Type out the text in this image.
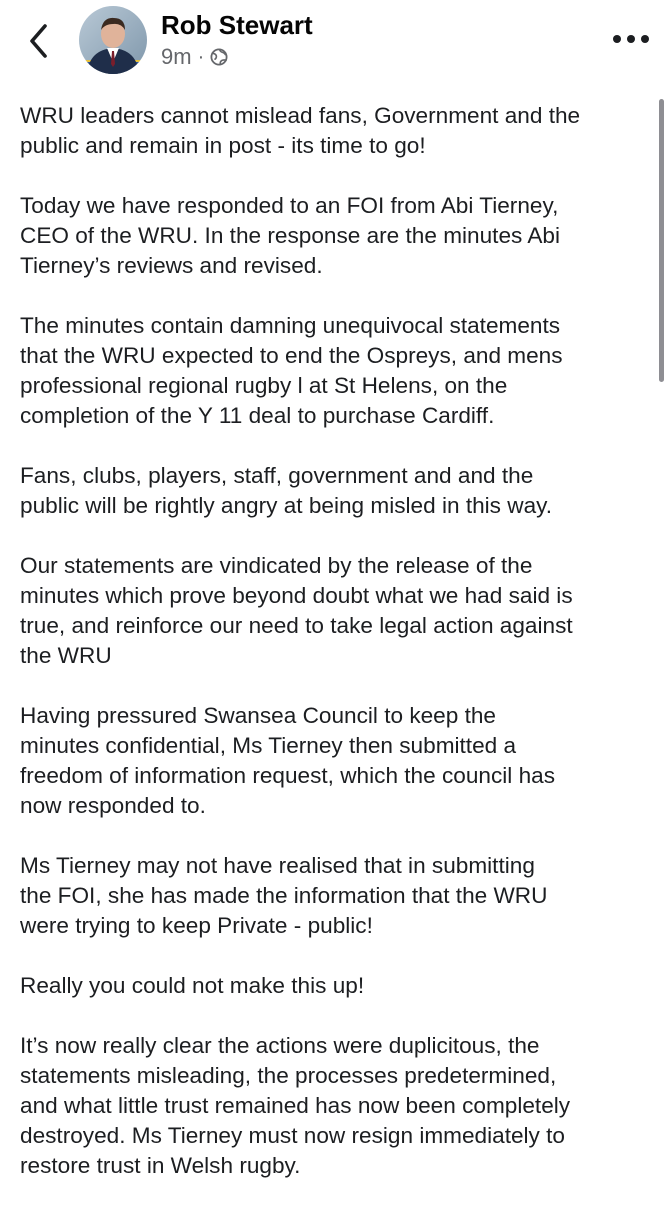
Rob Stewart
9m ·

WRU leaders cannot mislead fans, Government and the
public and remain in post - its time to go!

Today we have responded to an FOI from Abi Tierney,
CEO of the WRU. In the response are the minutes Abi
Tierney’s reviews and revised.

The minutes contain damning unequivocal statements
that the WRU expected to end the Ospreys, and mens
professional regional rugby l at St Helens, on the
completion of the Y 11 deal to purchase Cardiff.

Fans, clubs, players, staff, government and and the
public will be rightly angry at being misled in this way.

Our statements are vindicated by the release of the
minutes which prove beyond doubt what we had said is
true, and reinforce our need to take legal action against
the WRU

Having pressured Swansea Council to keep the
minutes confidential, Ms Tierney then submitted a
freedom of information request, which the council has
now responded to.

Ms Tierney may not have realised that in submitting
the FOI, she has made the information that the WRU
were trying to keep Private - public!

Really you could not make this up!

It’s now really clear the actions were duplicitous, the
statements misleading, the processes predetermined,
and what little trust remained has now been completely
destroyed. Ms Tierney must now resign immediately to
restore trust in Welsh rugby.
